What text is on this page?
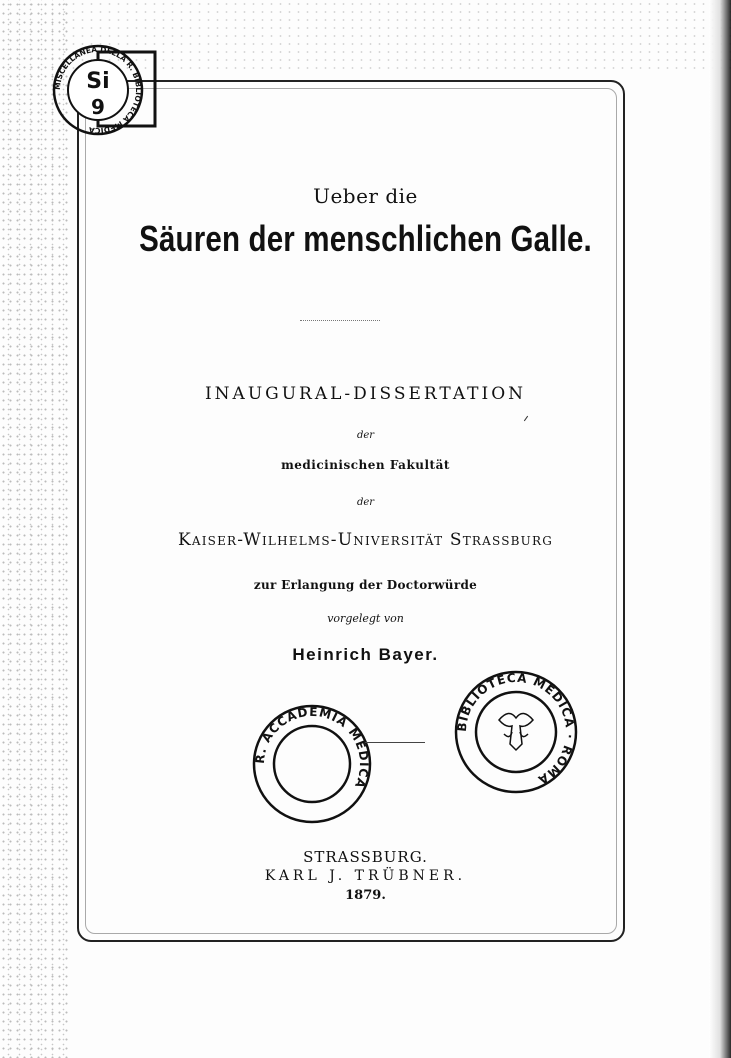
MISCELLANEA DELLA R. BIBLIOTECA MEDICA
Si
9
Ueber die
Säuren der menschlichen Galle.
INAUGURAL-DISSERTATION
der
medicinischen Fakultät
der
Kaiser-Wilhelms-Universität Strassburg
zur Erlangung der Doctorwürde
vorgelegt von
Heinrich Bayer.
R. ACCADEMIA MEDICA
BIBLIOTECA MEDICA · ROMA
STRASSBURG.
KARL J. TRÜBNER.
1879.
